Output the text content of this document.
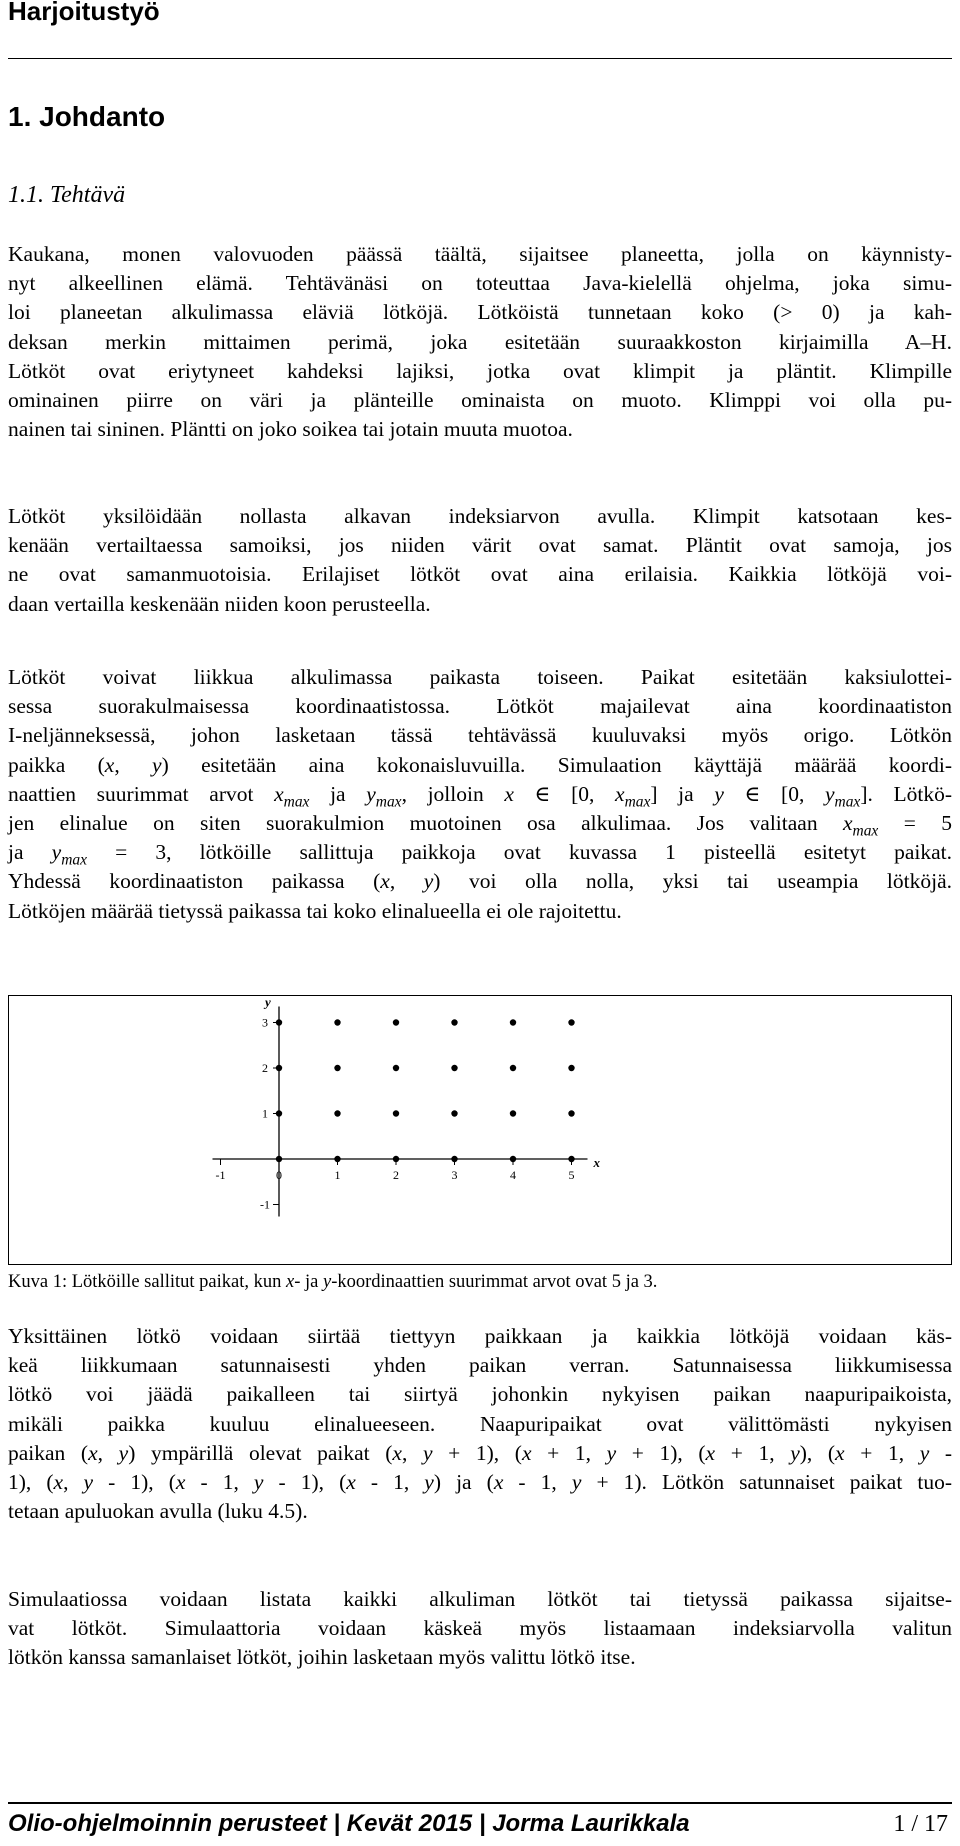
Harjoitustyö
1. Johdanto
1.1. Tehtävä
Kaukana, monen valovuoden päässä täältä, sijaitsee planeetta, jolla on käynnisty-
nyt alkeellinen elämä. Tehtävänäsi on toteuttaa Java-kielellä ohjelma, joka simu-
loi planeetan alkulimassa eläviä lötköjä. Lötköistä tunnetaan koko (> 0) ja kah-
deksan merkin mittaimen perimä, joka esitetään suuraakkoston kirjaimilla A–H.
Lötköt ovat eriytyneet kahdeksi lajiksi, jotka ovat klimpit ja pläntit. Klimpille
ominainen piirre on väri ja plänteille ominaista on muoto. Klimppi voi olla pu-
nainen tai sininen. Pläntti on joko soikea tai jotain muuta muotoa.
Lötköt yksilöidään nollasta alkavan indeksiarvon avulla. Klimpit katsotaan kes-
kenään vertailtaessa samoiksi, jos niiden värit ovat samat. Pläntit ovat samoja, jos
ne ovat samanmuotoisia. Erilajiset lötköt ovat aina erilaisia. Kaikkia lötköjä voi-
daan vertailla keskenään niiden koon perusteella.
Lötköt voivat liikkua alkulimassa paikasta toiseen. Paikat esitetään kaksiulottei-
sessa suorakulmaisessa koordinaatistossa. Lötköt majailevat aina koordinaatiston
I-neljänneksessä, johon lasketaan tässä tehtävässä kuuluvaksi myös origo. Lötkön
paikka (x, y) esitetään aina kokonaisluvuilla. Simulaation käyttäjä määrää koordi-
naattien suurimmat arvot $x_{max}$ ja $y_{max}$, jolloin x ∈ [0, $x_{max}$] ja y ∈ [0, $y_{max}$]. Lötkö-
jen elinalue on siten suorakulmion muotoinen osa alkulimaa. Jos valitaan $x_{max} = 5$
ja $y_{max} = 3$, lötköille sallittuja paikkoja ovat kuvassa 1 pisteellä esitetyt paikat.
Yhdessä koordinaatiston paikassa (x, y) voi olla nolla, yksi tai useampia lötköjä.
Lötköjen määrää tietyssä paikassa tai koko elinalueella ei ole rajoitettu.
-1	0	1	2	3	4	5
-1
1
2
3
x
y
Kuva 1: Lötköille sallitut paikat, kun x- ja y-koordinaattien suurimmat arvot ovat 5 ja 3.
Yksittäinen lötkö voidaan siirtää tiettyyn paikkaan ja kaikkia lötköjä voidaan käs-
keä liikkumaan satunnaisesti yhden paikan verran. Satunnaisessa liikkumisessa
lötkö voi jäädä paikalleen tai siirtyä johonkin nykyisen paikan naapuripaikoista,
mikäli paikka kuuluu elinalueeseen. Naapuripaikat ovat välittömästi nykyisen
paikan (x, y) ympärillä olevat paikat (x, y + 1), (x + 1, y + 1), (x + 1, y), (x + 1, y -
1), (x, y - 1), (x - 1, y - 1), (x - 1, y) ja (x - 1, y + 1). Lötkön satunnaiset paikat tuo-
tetaan apuluokan avulla (luku 4.5).
Simulaatiossa voidaan listata kaikki alkuliman lötköt tai tietyssä paikassa sijaitse-
vat lötköt. Simulaattoria voidaan käskeä myös listaamaan indeksiarvolla valitun
lötkön kanssa samanlaiset lötköt, joihin lasketaan myös valittu lötkö itse.
Olio-ohjelmoinnin perusteet | Kevät 2015 | Jorma Laurikkala	1 / 17
